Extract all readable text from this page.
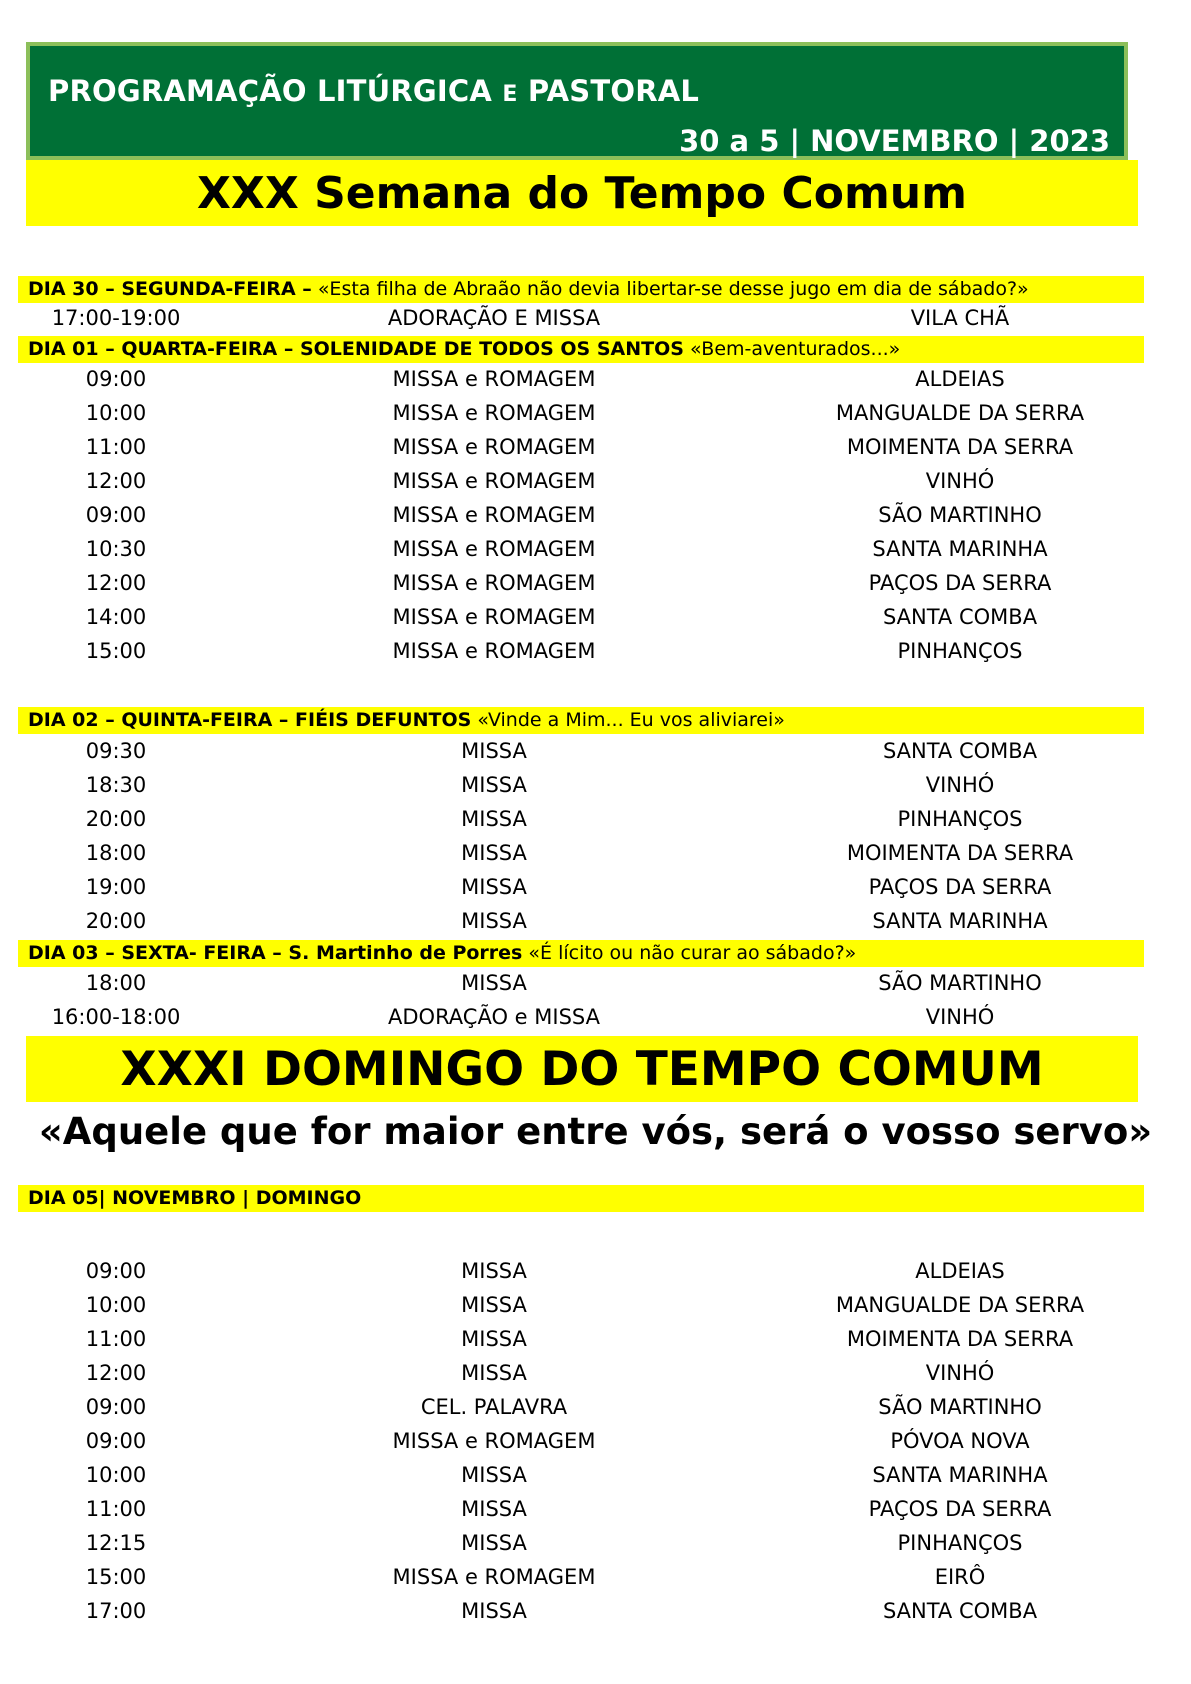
PROGRAMAÇÃO LITÚRGICA E PASTORAL
30 a 5 | NOVEMBRO | 2023
XXX Semana do Tempo Comum
DIA 30 – SEGUNDA-FEIRA – «Esta filha de Abraão não devia libertar-se desse jugo em dia de sábado?»
17:00-19:00	ADORAÇÃO E MISSA	VILA CHÃ
DIA 01 – QUARTA-FEIRA – SOLENIDADE DE TODOS OS SANTOS «Bem-aventurados...»
09:00	MISSA e ROMAGEM	ALDEIAS
10:00	MISSA e ROMAGEM	MANGUALDE DA SERRA
11:00	MISSA e ROMAGEM	MOIMENTA DA SERRA
12:00	MISSA e ROMAGEM	VINHÓ
09:00	MISSA e ROMAGEM	SÃO MARTINHO
10:30	MISSA e ROMAGEM	SANTA MARINHA
12:00	MISSA e ROMAGEM	PAÇOS DA SERRA
14:00	MISSA e ROMAGEM	SANTA COMBA
15:00	MISSA e ROMAGEM	PINHANÇOS
DIA 02 – QUINTA-FEIRA – FIÉIS DEFUNTOS «Vinde a Mim... Eu vos aliviarei»
09:30	MISSA	SANTA COMBA
18:30	MISSA	VINHÓ
20:00	MISSA	PINHANÇOS
18:00	MISSA	MOIMENTA DA SERRA
19:00	MISSA	PAÇOS DA SERRA
20:00	MISSA	SANTA MARINHA
DIA 03 – SEXTA- FEIRA – S. Martinho de Porres «É lícito ou não curar ao sábado?»
18:00	MISSA	SÃO MARTINHO
16:00-18:00	ADORAÇÃO e MISSA	VINHÓ
XXXI DOMINGO DO TEMPO COMUM
«Aquele que for maior entre vós, será o vosso servo»
DIA 05| NOVEMBRO | DOMINGO
09:00	MISSA	ALDEIAS
10:00	MISSA	MANGUALDE DA SERRA
11:00	MISSA	MOIMENTA DA SERRA
12:00	MISSA	VINHÓ
09:00	CEL. PALAVRA	SÃO MARTINHO
09:00	MISSA e ROMAGEM	PÓVOA NOVA
10:00	MISSA	SANTA MARINHA
11:00	MISSA	PAÇOS DA SERRA
12:15	MISSA	PINHANÇOS
15:00	MISSA e ROMAGEM	EIRÔ
17:00	MISSA	SANTA COMBA
